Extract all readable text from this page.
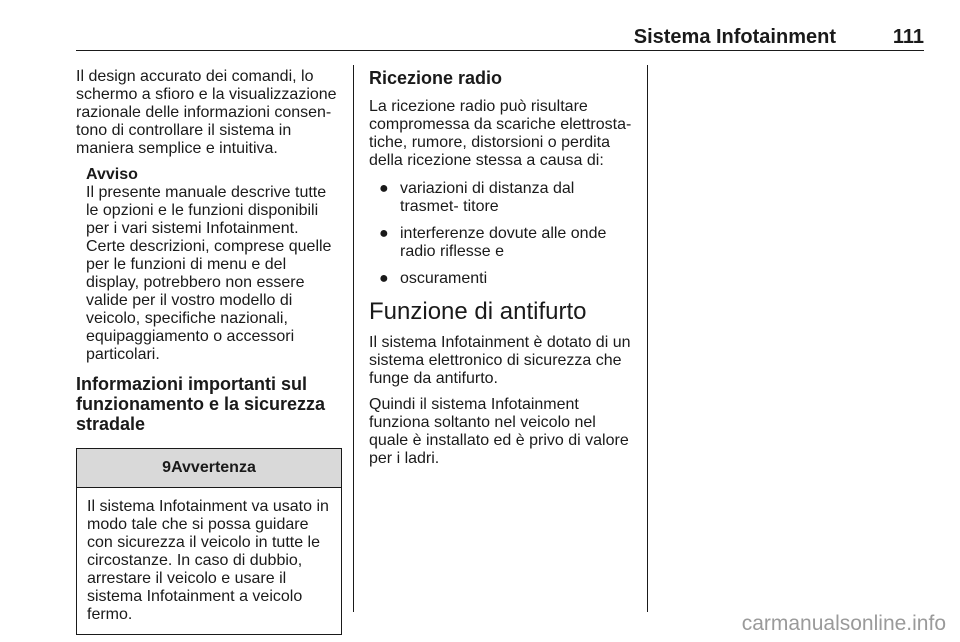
Sistema Infotainment	111

Il design accurato dei comandi, lo schermo a sfioro e la visualizzazione razionale delle informazioni consen- tono di controllare il sistema in maniera semplice e intuitiva.

Avviso
Il presente manuale descrive tutte le opzioni e le funzioni disponibili per i vari sistemi Infotainment. Certe descrizioni, comprese quelle per le funzioni di menu e del display, potrebbero non essere valide per il vostro modello di veicolo, specifiche nazionali, equipaggiamento o accessori particolari.
Informazioni importanti sul funzionamento e la sicurezza stradale
9Avvertenza
Il sistema Infotainment va usato in modo tale che si possa guidare con sicurezza il veicolo in tutte le circostanze. In caso di dubbio, arrestare il veicolo e usare il sistema Infotainment a veicolo fermo.
Ricezione radio

La ricezione radio può risultare compromessa da scariche elettrosta- tiche, rumore, distorsioni o perdita della ricezione stessa a causa di:

● variazioni di distanza dal trasmet- titore
● interferenze dovute alle onde radio riflesse e
● oscuramenti
Funzione di antifurto

Il sistema Infotainment è dotato di un sistema elettronico di sicurezza che funge da antifurto.

Quindi il sistema Infotainment funziona soltanto nel veicolo nel quale è installato ed è privo di valore per i ladri.

carmanualsonline.info
